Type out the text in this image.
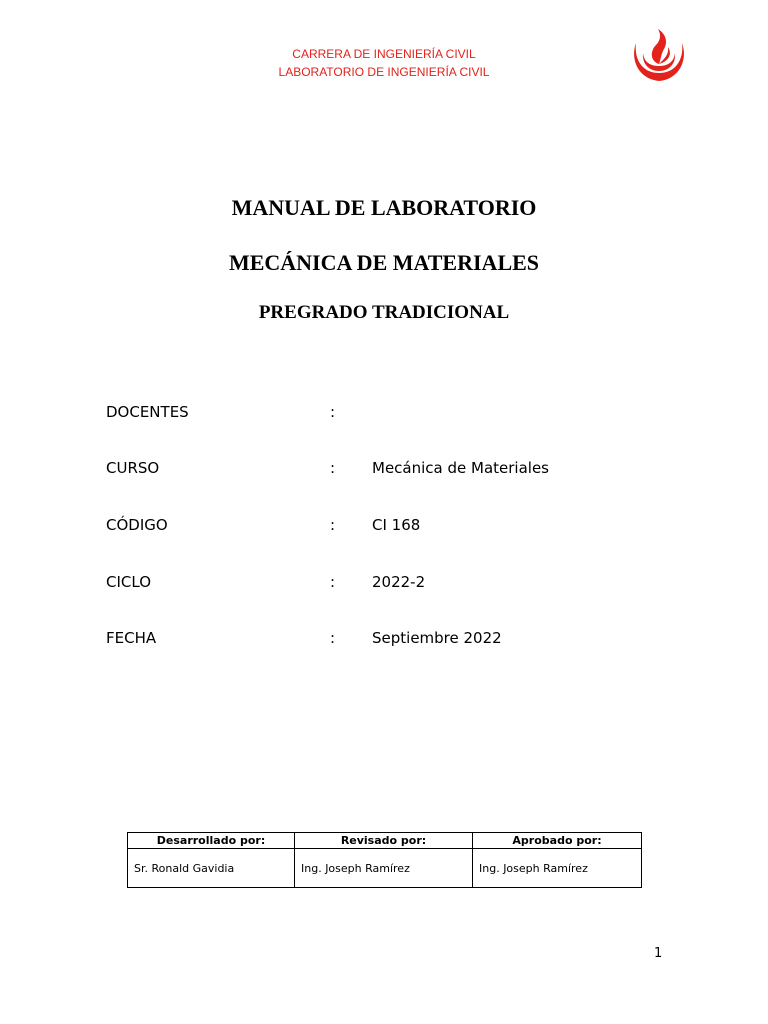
CARRERA DE INGENIERÍA CIVIL
LABORATORIO DE INGENIERÍA CIVIL
MANUAL DE LABORATORIO
MECÁNICA DE MATERIALES
PREGRADO TRADICIONAL
DOCENTES	:
CURSO	: Mecánica de Materiales
CÓDIGO	: CI 168
CICLO	: 2022-2
FECHA	: Septiembre 2022
Desarrollado por:	Revisado por:	Aprobado por:
Sr. Ronald Gavidia	Ing. Joseph Ramírez	Ing. Joseph Ramírez
1
